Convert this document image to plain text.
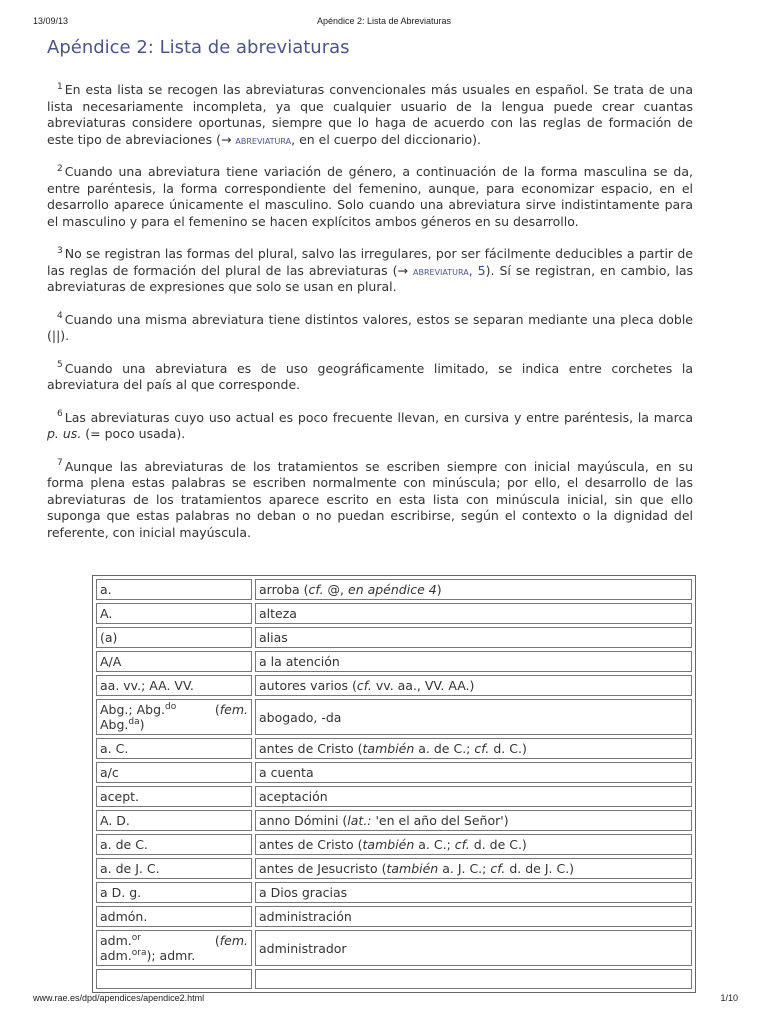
13/09/13	Apéndice 2: Lista de Abreviaturas
Apéndice 2: Lista de abreviaturas

$^1$ En esta lista se recogen las abreviaturas convencionales más usuales en español. Se trata de una lista necesariamente incompleta, ya que cualquier usuario de la lengua puede crear cuantas abreviaturas considere oportunas, siempre que lo haga de acuerdo con las reglas de formación de este tipo de abreviaciones (→ abreviatura, en el cuerpo del diccionario).

$^2$ Cuando una abreviatura tiene variación de género, a continuación de la forma masculina se da, entre paréntesis, la forma correspondiente del femenino, aunque, para economizar espacio, en el desarrollo aparece únicamente el masculino. Solo cuando una abreviatura sirve indistintamente para el masculino y para el femenino se hacen explícitos ambos géneros en su desarrollo.

$^3$ No se registran las formas del plural, salvo las irregulares, por ser fácilmente deducibles a partir de las reglas de formación del plural de las abreviaturas (→ abreviatura, 5). Sí se registran, en cambio, las abreviaturas de expresiones que solo se usan en plural.

$^4$ Cuando una misma abreviatura tiene distintos valores, estos se separan mediante una pleca doble (||).

$^5$ Cuando una abreviatura es de uso geográficamente limitado, se indica entre corchetes la abreviatura del país al que corresponde.

$^6$ Las abreviaturas cuyo uso actual es poco frecuente llevan, en cursiva y entre paréntesis, la marca p. us. (= poco usada).

$^7$ Aunque las abreviaturas de los tratamientos se escriben siempre con inicial mayúscula, en su forma plena estas palabras se escriben normalmente con minúscula; por ello, el desarrollo de las abreviaturas de los tratamientos aparece escrito en esta lista con minúscula inicial, sin que ello suponga que estas palabras no deban o no puedan escribirse, según el contexto o la dignidad del referente, con inicial mayúscula.

a.	arroba (cf. @, en apéndice 4)
A.	alteza
(a)	alias
A/A	a la atención
aa. vv.; AA. VV.	autores varios (cf. vv. aa., VV. AA.)

Abg.; Abg.$^{do}$ (fem.
Abg.$^{da}$)	abogado, -da
a. C.	antes de Cristo (también a. de C.; cf. d. C.)
a/c	a cuenta
acept.	aceptación
A. D.	anno Dómini (lat.: 'en el año del Señor')
a. de C.	antes de Cristo (también a. C.; cf. d. de C.)
a. de J. C.	antes de Jesucristo (también a. J. C.; cf. d. de J. C.)
a D. g.	a Dios gracias
admón.	administración

adm.$^{or}$ (fem.
adm.$^{ora}$); admr.	administrador

www.rae.es/dpd/apendices/apendice2.html	1/10
